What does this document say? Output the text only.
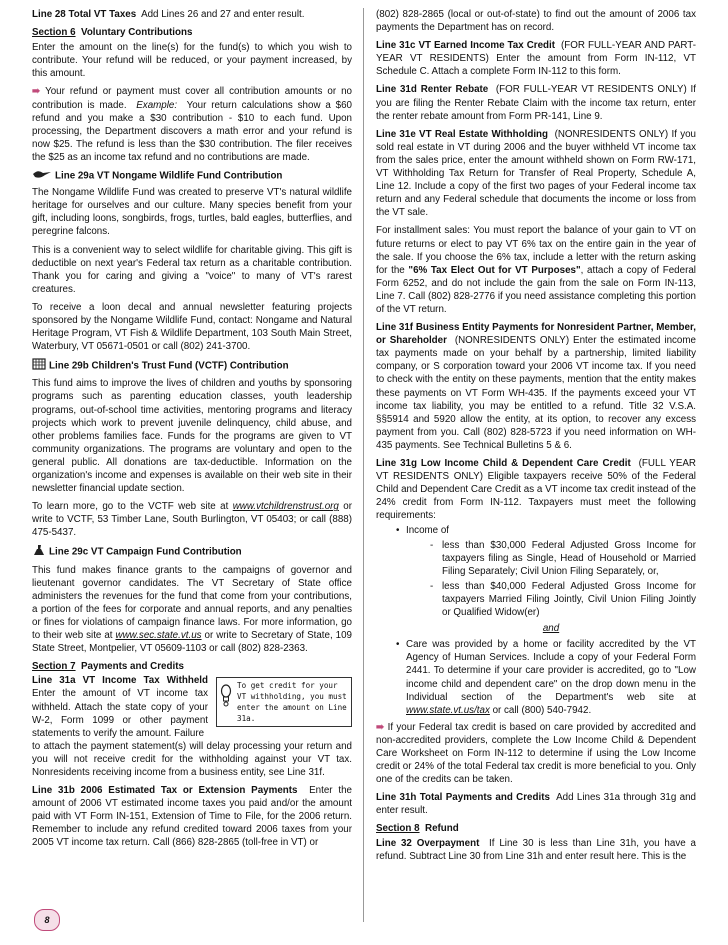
Line 28 Total VT Taxes Add Lines 26 and 27 and enter result.

Section 6 Voluntary Contributions

Enter the amount on the line(s) for the fund(s) to which you wish to contribute. Your refund will be reduced, or your payment increased, by this amount.

➠ Your refund or payment must cover all contribution amounts or no contribution is made. Example: Your return calculations show a $60 refund and you make a $30 contribution - $10 to each fund. Upon processing, the Department discovers a math error and your refund is now $25. The refund is less than the $30 contribution. The filer receives the $25 as an income tax refund and no contributions are made.

Line 29a VT Nongame Wildlife Fund Contribution

The Nongame Wildlife Fund was created to preserve VT's natural wildlife heritage for ourselves and our culture. Many species benefit from your gift, including loons, songbirds, frogs, turtles, bald eagles, butterflies, and peregrine falcons.

This is a convenient way to select wildlife for charitable giving. This gift is deductible on next year's Federal tax return as a charitable contribution. Thank you for caring and giving a "voice" to many of VT's rarest creatures.

To receive a loon decal and annual newsletter featuring projects sponsored by the Nongame Wildlife Fund, contact: Nongame and Natural Heritage Program, VT Fish & Wildlife Department, 103 South Main Street, Waterbury, VT 05671-0501 or call (802) 241-3700.

Line 29b Children's Trust Fund (VCTF) Contribution

This fund aims to improve the lives of children and youths by sponsoring programs such as parenting education classes, youth leadership programs, out-of-school time activities, mentoring programs and literacy projects which work to prevent juvenile delinquency, child abuse, and other problems families face. Funds for the programs are given to VT community organizations. The programs are voluntary and open to the general public. All donations are tax-deductible. Information on the organization's income and expenses is available on their web site in their newsletter financial update section.

To learn more, go to the VCTF web site at www.vtchildrenstrust.org or write to VCTF, 53 Timber Lane, South Burlington, VT 05403; or call (888) 475-5437.

Line 29c VT Campaign Fund Contribution

This fund makes finance grants to the campaigns of governor and lieutenant governor candidates. The VT Secretary of State office administers the revenues for the fund that come from your contributions, a portion of the fees for corporate and annual reports, and any penalties or fines for violations of campaign finance laws. For more information, go to their web site at www.sec.state.vt.us or write to Secretary of State, 109 State Street, Montpelier, VT 05609-1103 or call (802) 828-2363.

Section 7 Payments and Credits

Line 31a VT Income Tax Withheld Enter the amount of VT income tax withheld. Attach the state copy of your W-2, Form 1099 or other payment statements to verify the amount. Failure
To get credit for your VT withholding, you must enter the amount on Line 31a.

to attach the payment statement(s) will delay processing your return and you will not receive credit for the withholding against your VT tax. Nonresidents receiving income from a business entity, see Line 31f.

Line 31b 2006 Estimated Tax or Extension Payments Enter the amount of 2006 VT estimated income taxes you paid and/or the amount paid with VT Form IN-151, Extension of Time to File, for the 2006 return. Remember to include any refund credited toward 2006 taxes from your 2005 VT income tax return. Call (866) 828-2865 (toll-free in VT) or

(802) 828-2865 (local or out-of-state) to find out the amount of 2006 tax payments the Department has on record.

Line 31c VT Earned Income Tax Credit (FOR FULL-YEAR AND PART-YEAR VT RESIDENTS) Enter the amount from Form IN-112, VT Schedule C. Attach a complete Form IN-112 to this form.

Line 31d Renter Rebate (FOR FULL-YEAR VT RESIDENTS ONLY) If you are filing the Renter Rebate Claim with the income tax return, enter the renter rebate amount from Form PR-141, Line 9.

Line 31e VT Real Estate Withholding (NONRESIDENTS ONLY) If you sold real estate in VT during 2006 and the buyer withheld VT income tax from the sales price, enter the amount withheld shown on Form RW-171, VT Withholding Tax Return for Transfer of Real Property, Schedule A, Line 12. Include a copy of the first two pages of your Federal income tax return and any Federal schedule that documents the income or loss from the VT sale.

For installment sales: You must report the balance of your gain to VT on future returns or elect to pay VT 6% tax on the entire gain in the year of the sale. If you choose the 6% tax, include a letter with the return asking for the "6% Tax Elect Out for VT Purposes", attach a copy of Federal Form 6252, and do not include the gain from the sale on Form IN-113, Line 7. Call (802) 828-2776 if you need assistance completing this portion of the VT return.

Line 31f Business Entity Payments for Nonresident Partner, Member, or Shareholder (NONRESIDENTS ONLY) Enter the estimated income tax payments made on your behalf by a partnership, limited liability company, or S corporation toward your 2006 VT income tax. If you need to check with the entity on these payments, mention that the entity makes these payments on VT Form WH-435. If the payments exceed your VT income tax liability, you may be entitled to a refund. Title 32 V.S.A. §§5914 and 5920 allow the entity, at its option, to recover any excess payment from you. Call (802) 828-5723 if you need information on WH-435 payments. See Technical Bulletins 5 & 6.

Line 31g Low Income Child & Dependent Care Credit (FULL YEAR VT RESIDENTS ONLY) Eligible taxpayers receive 50% of the Federal Child and Dependent Care Credit as a VT income tax credit instead of the 24% credit from Form IN-112. Taxpayers must meet the following requirements:

• Income of
- less than $30,000 Federal Adjusted Gross Income for taxpayers filing as Single, Head of Household or Married Filing Separately; Civil Union Filing Separately, or,
- less than $40,000 Federal Adjusted Gross Income for taxpayers Married Filing Jointly, Civil Union Filing Jointly or Qualified Widow(er)
and
• Care was provided by a home or facility accredited by the VT Agency of Human Services. Include a copy of your Federal Form 2441. To determine if your care provider is accredited, go to "Low income child and dependent care" on the drop down menu in the Individual section of the Department's web site at www.state.vt.us/tax or call (800) 540-7942.

➠ If your Federal tax credit is based on care provided by accredited and non-accredited providers, complete the Low Income Child & Dependent Care Worksheet on Form IN-112 to determine if using the Low Income credit or 24% of the total Federal tax credit is more beneficial to you. Only one of the credits can be taken.

Line 31h Total Payments and Credits Add Lines 31a through 31g and enter result.

Section 8 Refund

Line 32 Overpayment If Line 30 is less than Line 31h, you have a refund. Subtract Line 30 from Line 31h and enter result here. This is the

8
